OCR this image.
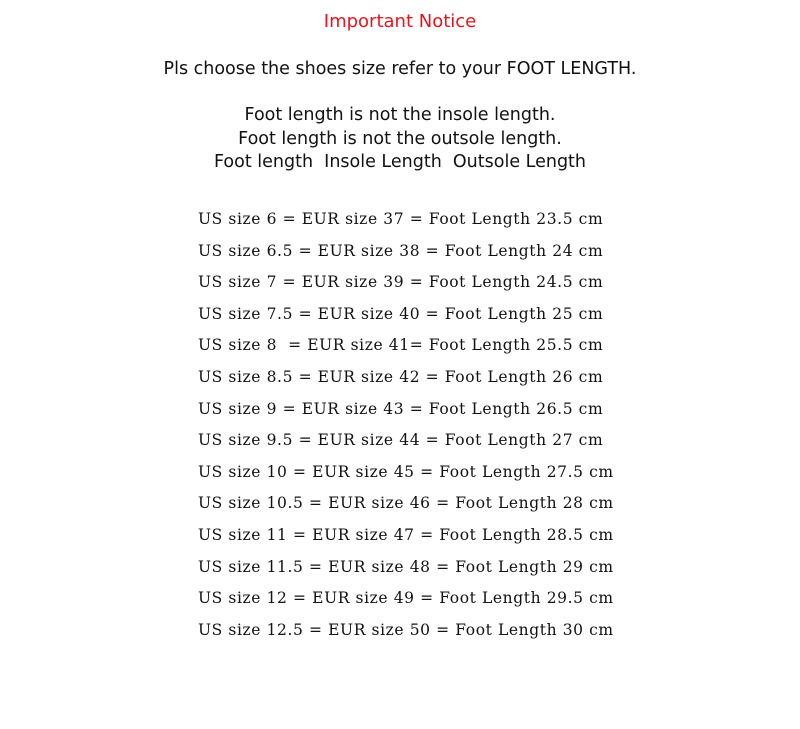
Important Notice

Pls choose the shoes size refer to your FOOT LENGTH.

Foot length is not the insole length.
Foot length is not the outsole length.
Foot length  Insole Length  Outsole Length
US size 6 = EUR size 37 = Foot Length 23.5 cm
US size 6.5 = EUR size 38 = Foot Length 24 cm
US size 7 = EUR size 39 = Foot Length 24.5 cm
US size 7.5 = EUR size 40 = Foot Length 25 cm
US size 8  = EUR size 41= Foot Length 25.5 cm
US size 8.5 = EUR size 42 = Foot Length 26 cm
US size 9 = EUR size 43 = Foot Length 26.5 cm
US size 9.5 = EUR size 44 = Foot Length 27 cm
US size 10 = EUR size 45 = Foot Length 27.5 cm
US size 10.5 = EUR size 46 = Foot Length 28 cm
US size 11 = EUR size 47 = Foot Length 28.5 cm
US size 11.5 = EUR size 48 = Foot Length 29 cm
US size 12 = EUR size 49 = Foot Length 29.5 cm
US size 12.5 = EUR size 50 = Foot Length 30 cm
